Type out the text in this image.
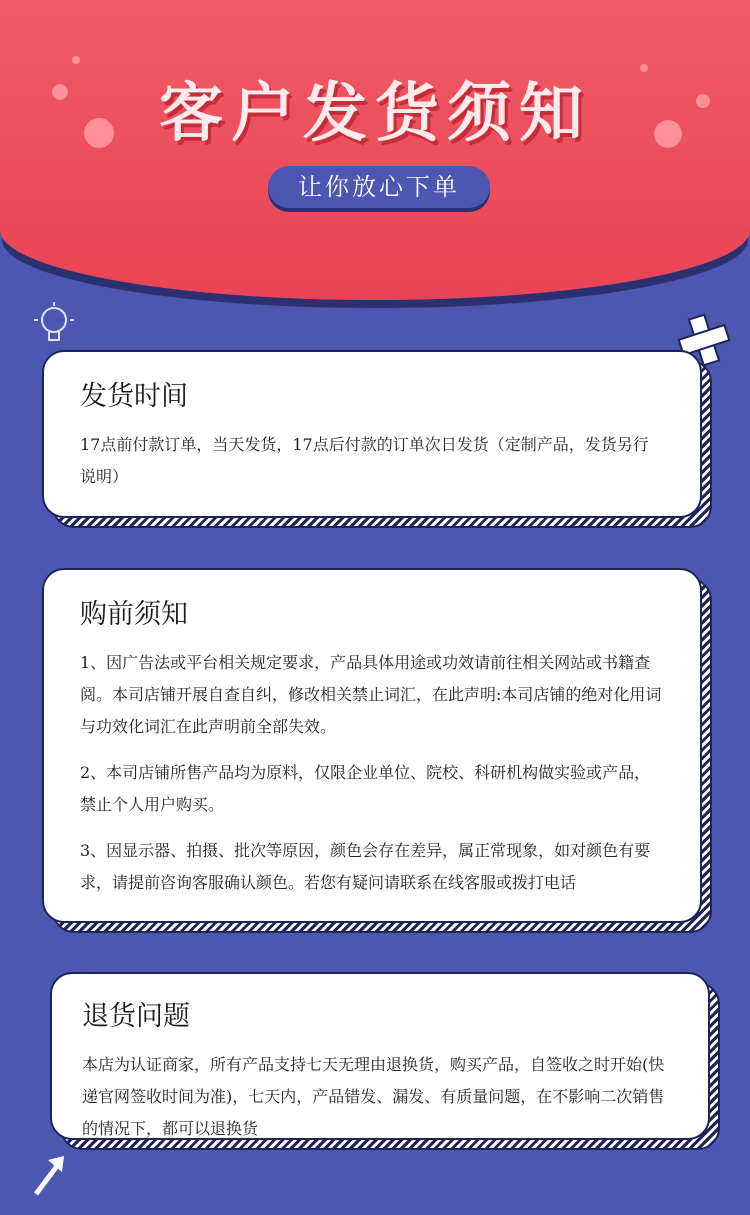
客户发货须知
让你放心下单
发货时间

17点前付款订单，当天发货，17点后付款的订单次日发货（定制产品，发货另行说明）

购前须知

1、因广告法或平台相关规定要求，产品具体用途或功效请前往相关网站或书籍查阅。本司店铺开展自查自纠，修改相关禁止词汇，在此声明:本司店铺的绝对化用词与功效化词汇在此声明前全部失效。

2、本司店铺所售产品均为原料，仅限企业单位、院校、科研机构做实验或产品，禁止个人用户购买。

3、因显示器、拍摄、批次等原因，颜色会存在差异，属正常现象，如对颜色有要求，请提前咨询客服确认颜色。若您有疑问请联系在线客服或拨打电话

退货问题

本店为认证商家，所有产品支持七天无理由退换货，购买产品，自签收之时开始(快递官网签收时间为准)，七天内，产品错发、漏发、有质量问题，在不影响二次销售的情况下，都可以退换货
